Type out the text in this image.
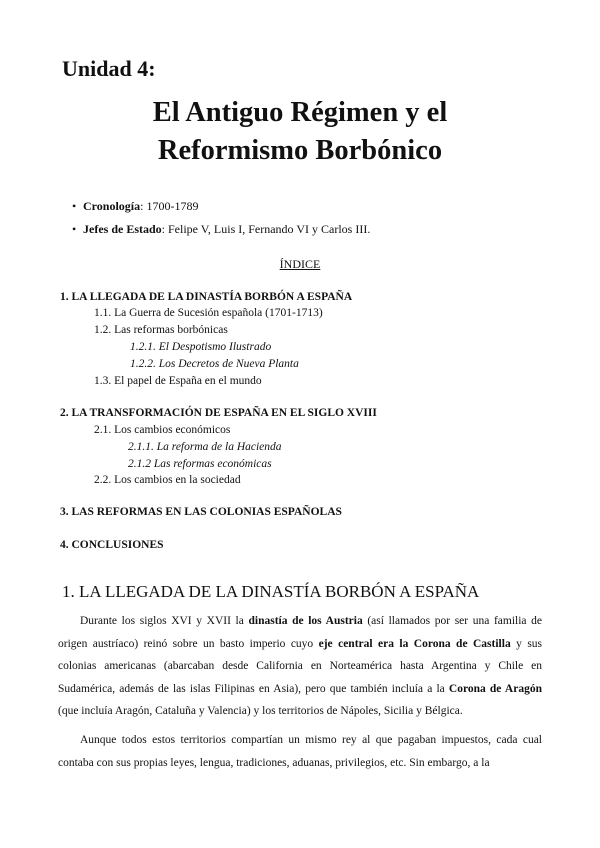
Unidad 4:
El Antiguo Régimen y el
Reformismo Borbónico
• Cronología: 1700-1789
• Jefes de Estado: Felipe V, Luis I, Fernando VI y Carlos III.
ÍNDICE
1. LA LLEGADA DE LA DINASTÍA BORBÓN A ESPAÑA
1.1. La Guerra de Sucesión española (1701-1713)
1.2. Las reformas borbónicas
1.2.1. El Despotismo Ilustrado
1.2.2. Los Decretos de Nueva Planta
1.3. El papel de España en el mundo
2. LA TRANSFORMACIÓN DE ESPAÑA EN EL SIGLO XVIII
2.1. Los cambios económicos
2.1.1. La reforma de la Hacienda
2.1.2 Las reformas económicas
2.2. Los cambios en la sociedad
3. LAS REFORMAS EN LAS COLONIAS ESPAÑOLAS
4. CONCLUSIONES
1. LA LLEGADA DE LA DINASTÍA BORBÓN A ESPAÑA

Durante los siglos XVI y XVII la dinastía de los Austria (así llamados por ser una familia de origen austríaco) reinó sobre un basto imperio cuyo eje central era la Corona de Castilla y sus colonias americanas (abarcaban desde California en Norteamérica hasta Argentina y Chile en Sudamérica, además de las islas Filipinas en Asia), pero que también incluía a la Corona de Aragón (que incluía Aragón, Cataluña y Valencia) y los territorios de Nápoles, Sicilia y Bélgica.

Aunque todos estos territorios compartían un mismo rey al que pagaban impuestos, cada cual contaba con sus propias leyes, lengua, tradiciones, aduanas, privilegios, etc. Sin embargo, a la
